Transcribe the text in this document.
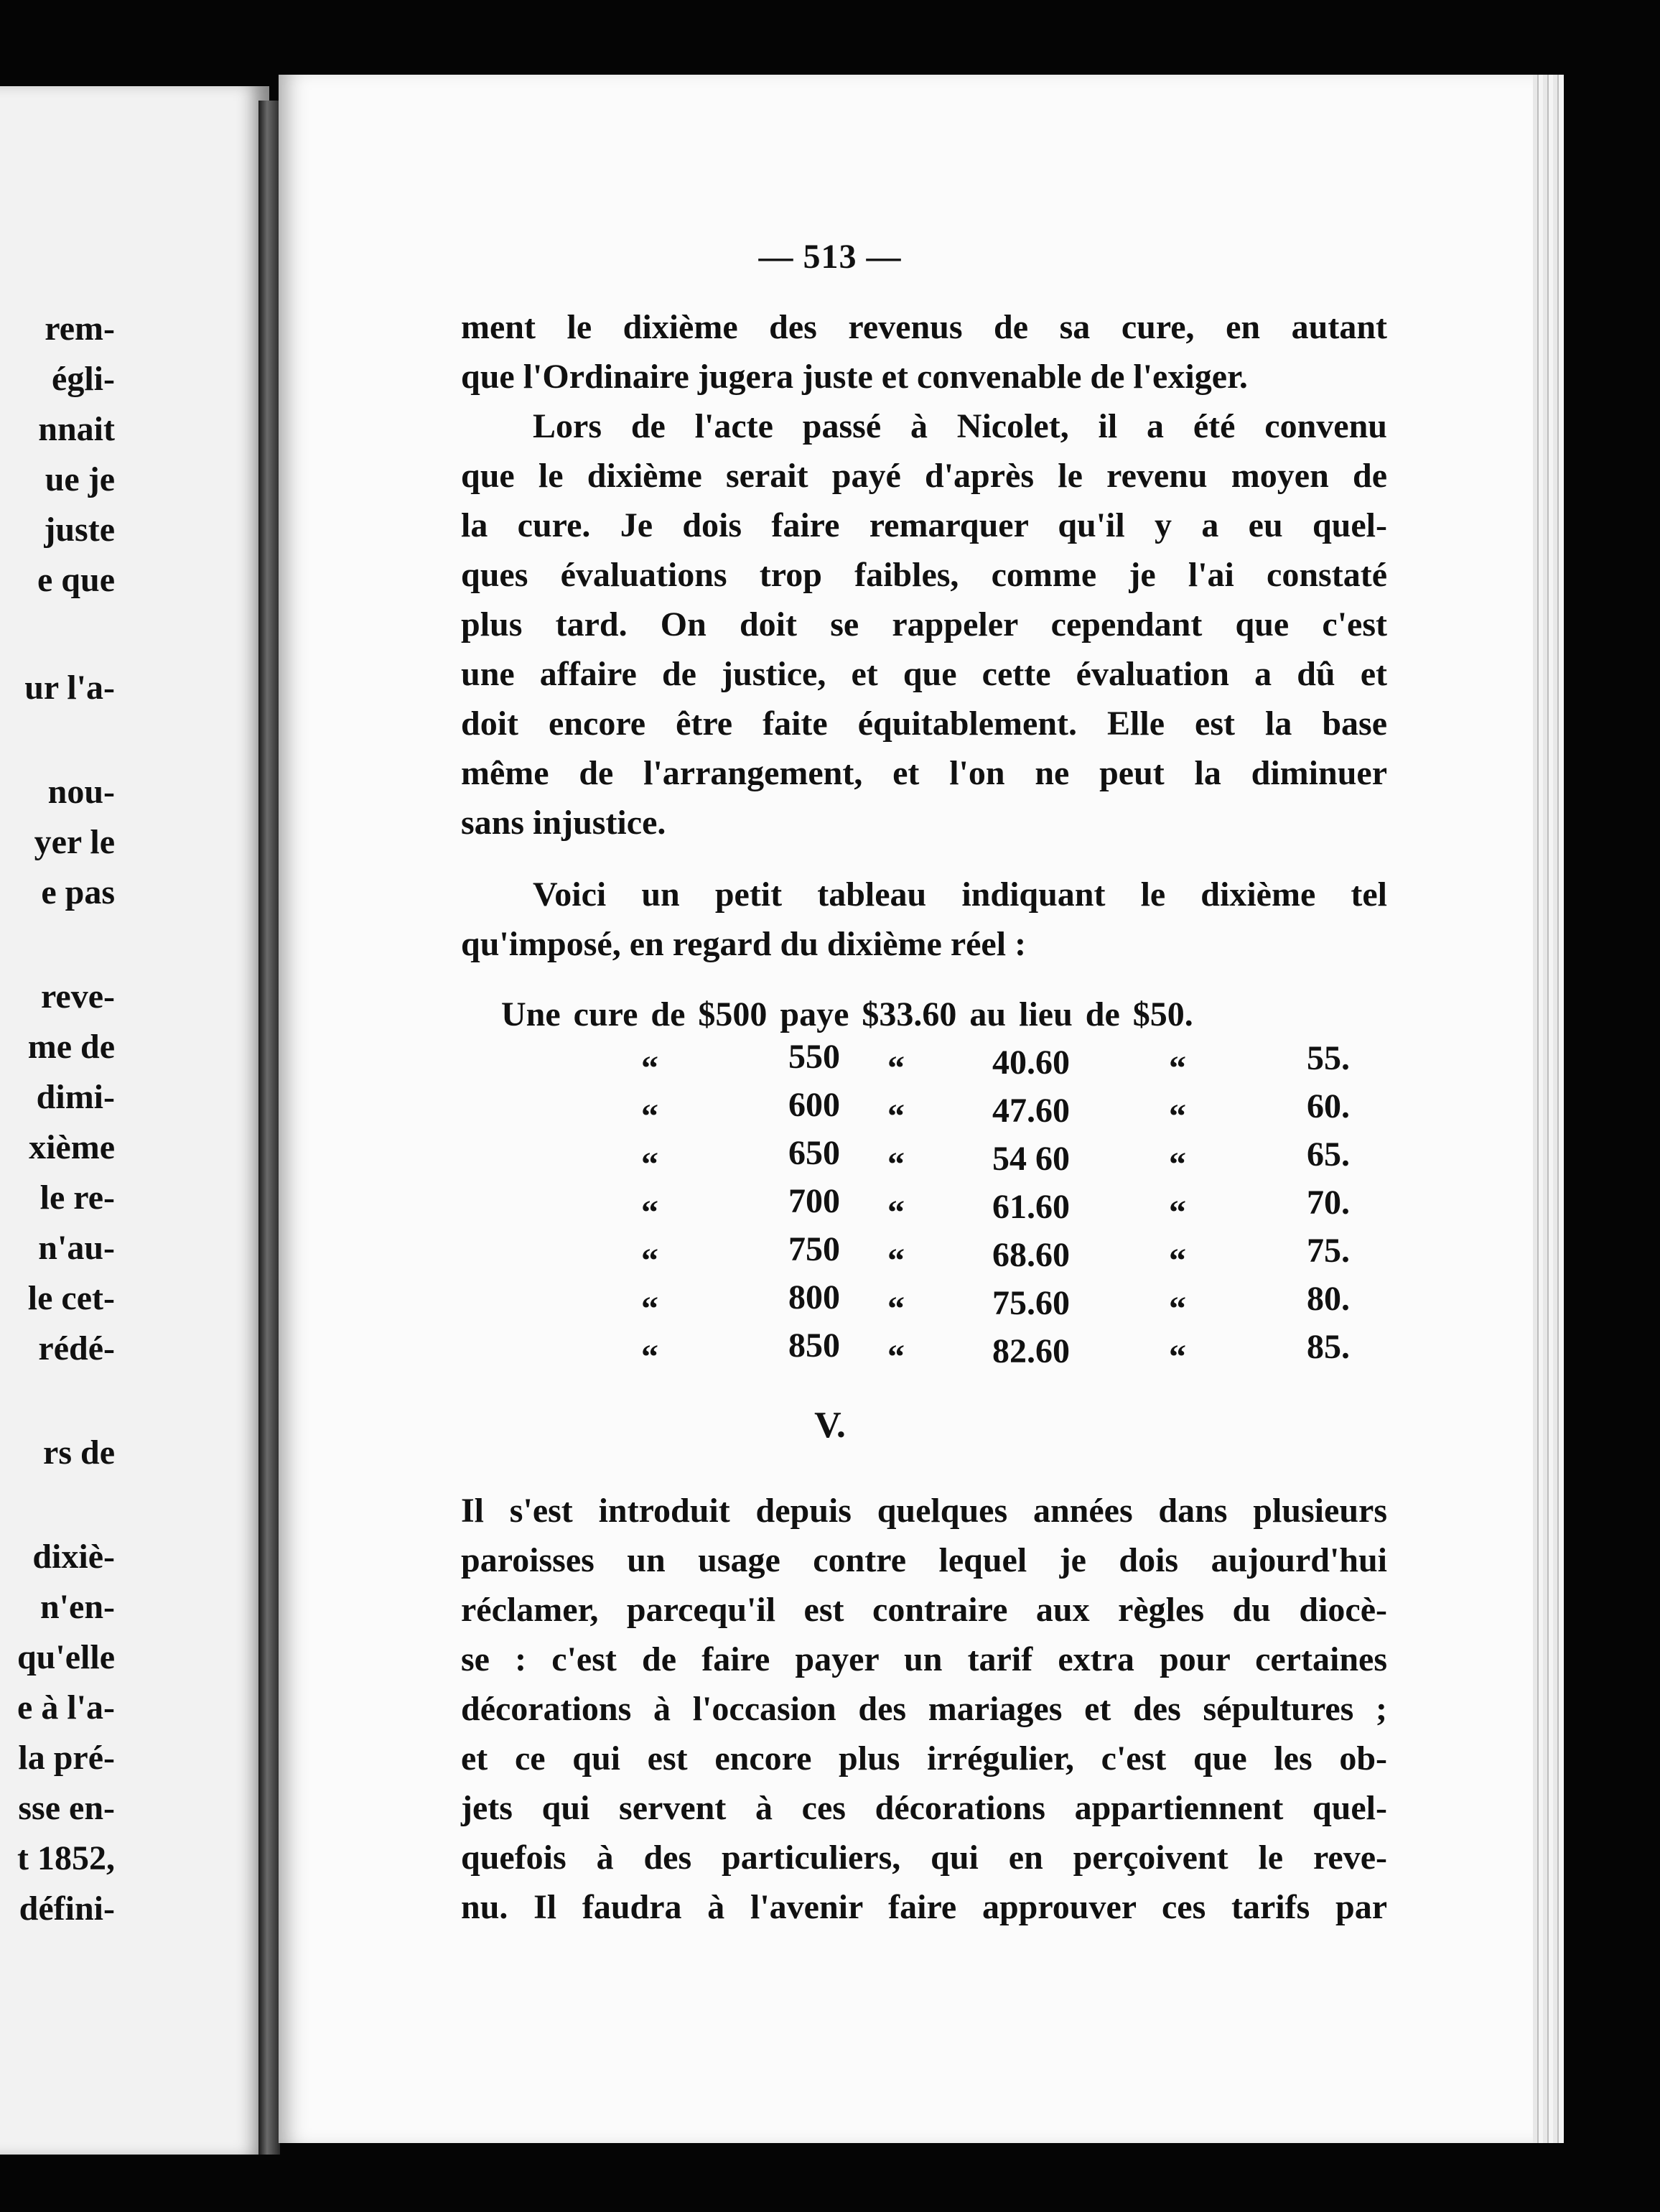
rem-
égli-
nnait
ue je
juste
e que
ur l'a-
nou-
yer le
e pas
reve-
me de
dimi-
xième
le re-
n'au-
le cet-
rédé-
rs de
dixiè-
n'en-
qu'elle
e à l'a-
la pré-
sse en-
t 1852,
défini-
— 513 —
ment le dixième des revenus de sa cure, en autant
que l'Ordinaire jugera juste et convenable de l'exiger.
Lors de l'acte passé à Nicolet, il a été convenu
que le dixième serait payé d'après le revenu moyen de
la cure. Je dois faire remarquer qu'il y a eu quel-
ques évaluations trop faibles, comme je l'ai constaté
plus tard. On doit se rappeler cependant que c'est
une affaire de justice, et que cette évaluation a dû et
doit encore être faite équitablement. Elle est la base
même de l'arrangement, et l'on ne peut la diminuer
sans injustice.
Voici un petit tableau indiquant le dixième tel
qu'imposé, en regard du dixième réel :
Une cure de $500 paye $33.60 au lieu de $50.
“	550 “	40.60	“	55.
“	600 “	47.60	“	60.
“	650 “	54 60	“	65.
“	700 “	61.60	“	70.
“	750 “	68.60	“	75.
“	800 “	75.60	“	80.
“	850 “	82.60	“	85.
V.
Il s'est introduit depuis quelques années dans plusieurs
paroisses un usage contre lequel je dois aujourd'hui
réclamer, parcequ'il est contraire aux règles du diocè-
se : c'est de faire payer un tarif extra pour certaines
décorations à l'occasion des mariages et des sépultures ;
et ce qui est encore plus irrégulier, c'est que les ob-
jets qui servent à ces décorations appartiennent quel-
quefois à des particuliers, qui en perçoivent le reve-
nu. Il faudra à l'avenir faire approuver ces tarifs par
